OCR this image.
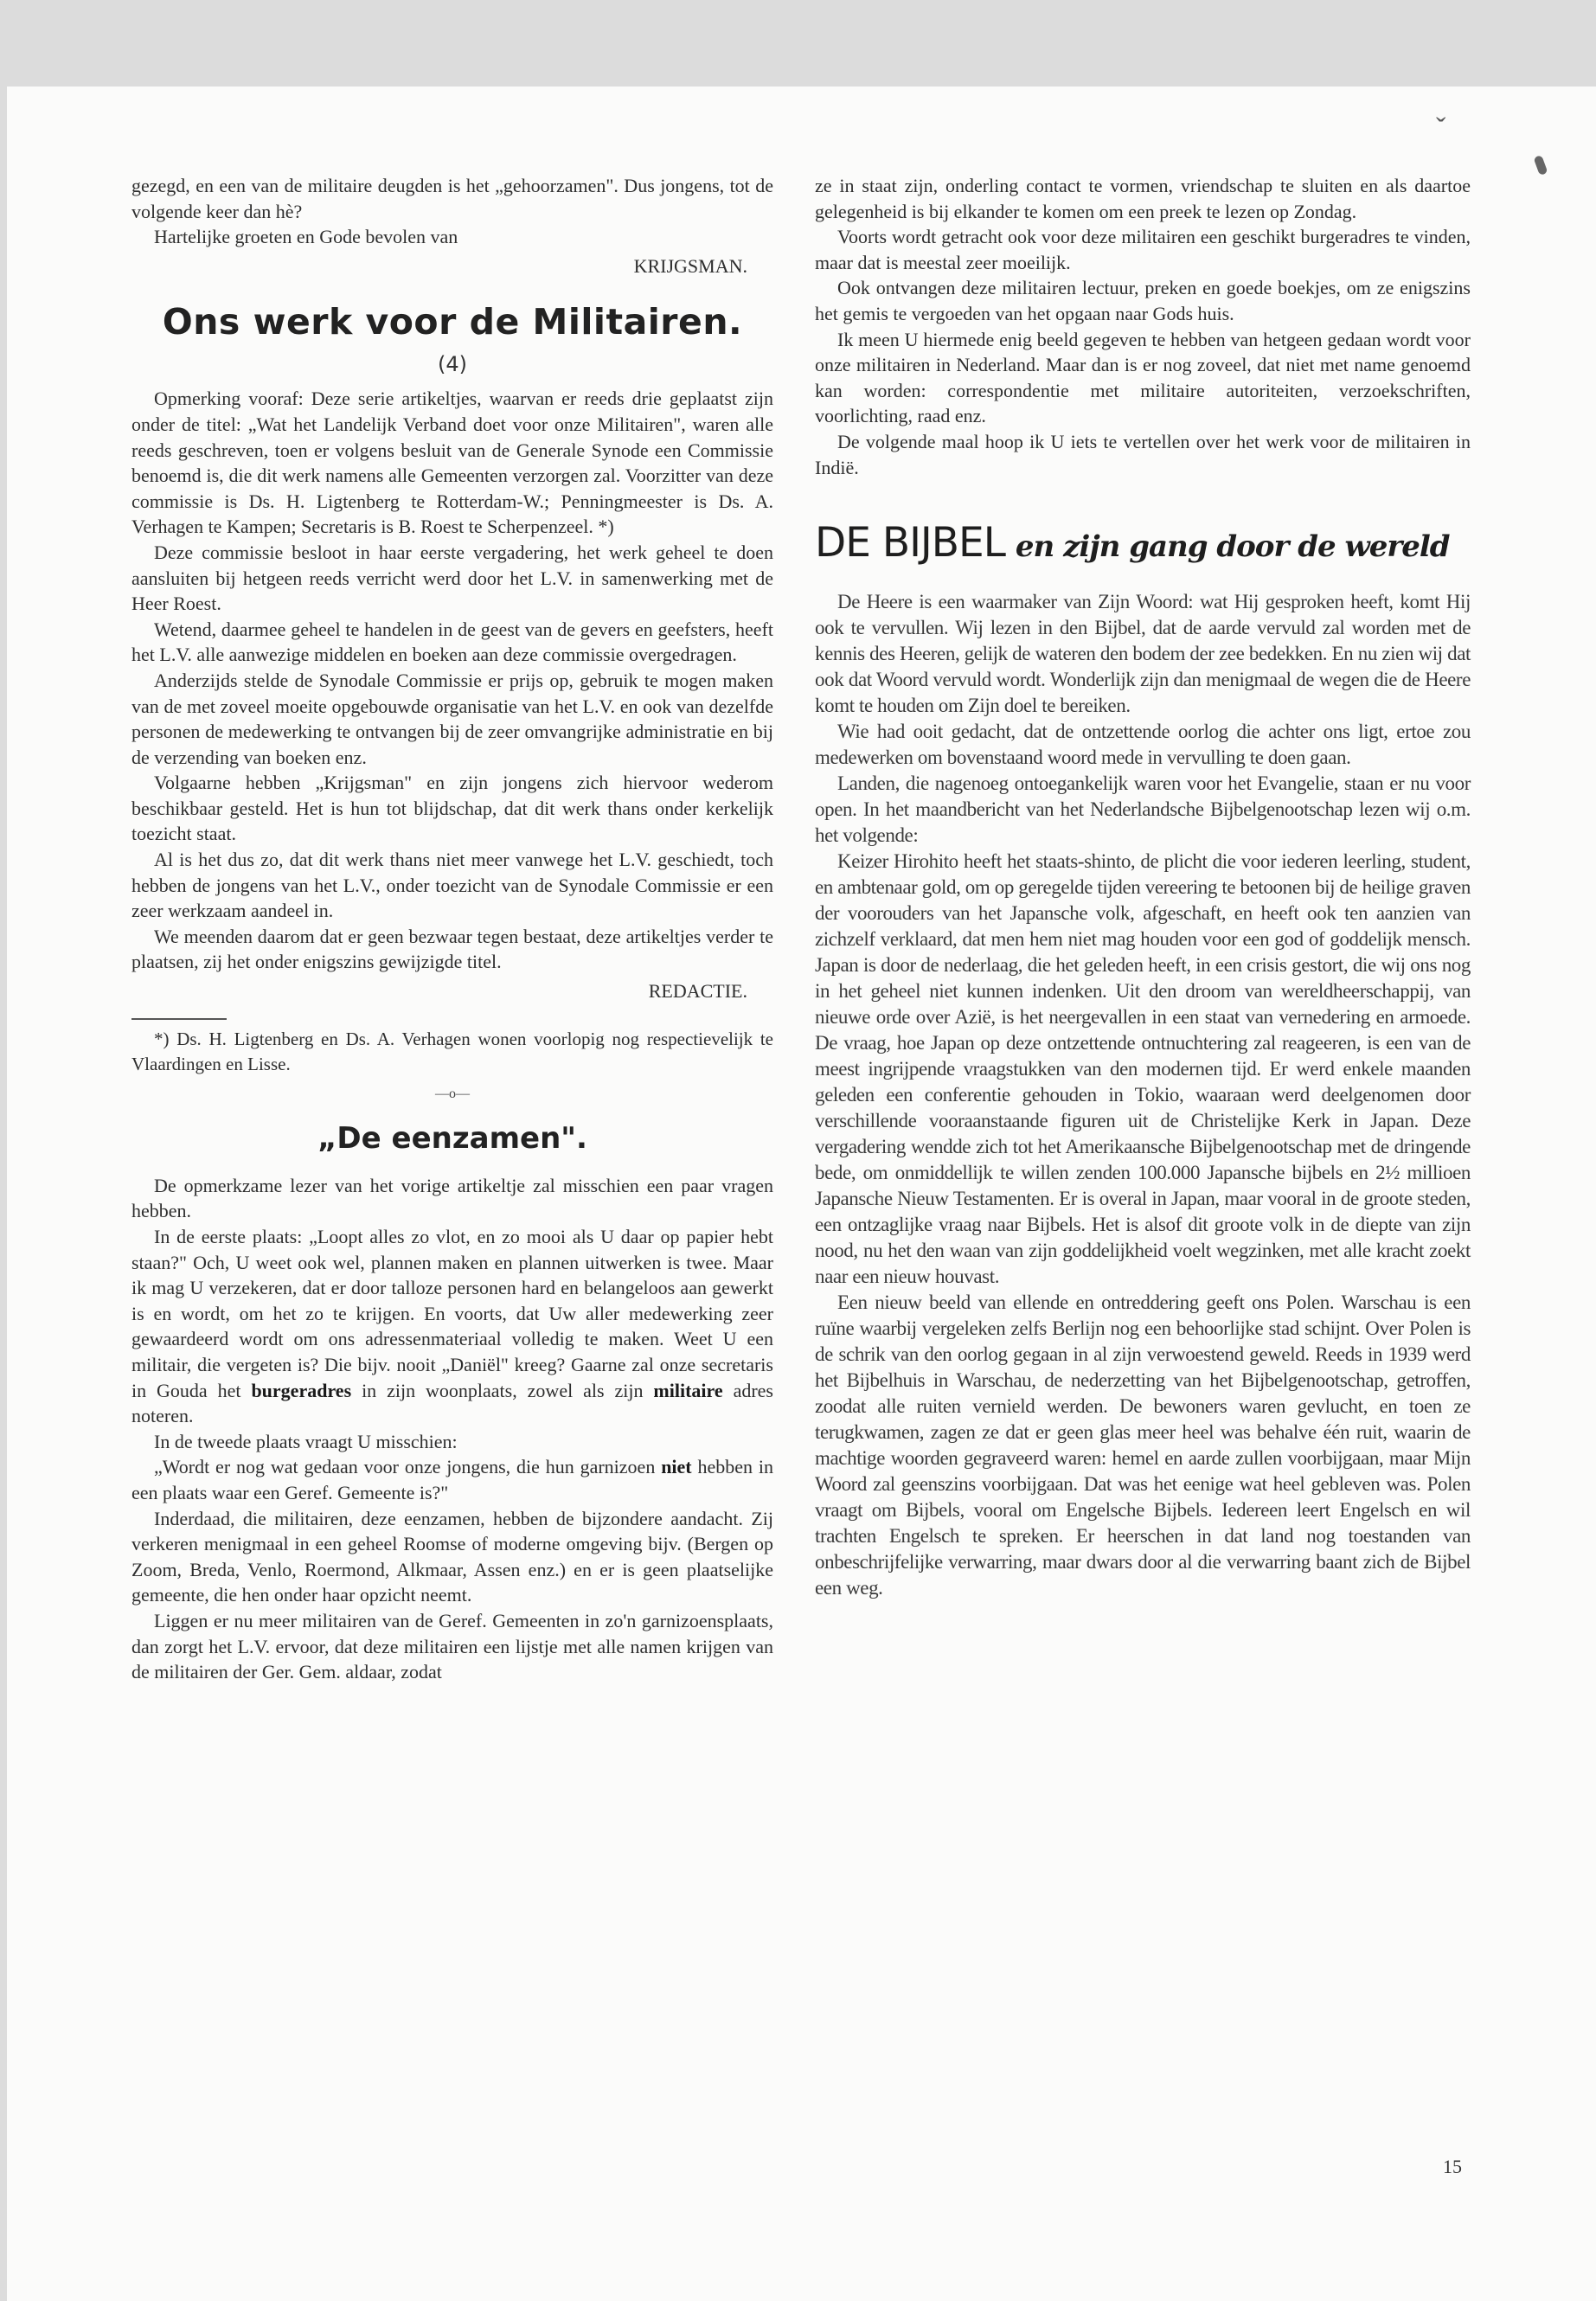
ˇ

gezegd, en een van de militaire deugden is het „gehoorzamen". Dus jongens, tot de volgende keer dan hè?

Hartelijke groeten en Gode bevolen van

KRIJGSMAN.

Ons werk voor de Militairen.
(4)

Opmerking vooraf: Deze serie artikeltjes, waarvan er reeds drie geplaatst zijn onder de titel: „Wat het Landelijk Verband doet voor onze Militairen", waren alle reeds geschreven, toen er volgens besluit van de Generale Synode een Commissie benoemd is, die dit werk namens alle Gemeenten verzorgen zal. Voorzitter van deze commissie is Ds. H. Ligtenberg te Rotterdam-W.; Penningmeester is Ds. A. Verhagen te Kampen; Secretaris is B. Roest te Scherpenzeel. *)

Deze commissie besloot in haar eerste vergadering, het werk geheel te doen aansluiten bij hetgeen reeds verricht werd door het L.V. in samenwerking met de Heer Roest.

Wetend, daarmee geheel te handelen in de geest van de gevers en geefsters, heeft het L.V. alle aanwezige middelen en boeken aan deze commissie overgedragen.

Anderzijds stelde de Synodale Commissie er prijs op, gebruik te mogen maken van de met zoveel moeite opgebouwde organisatie van het L.V. en ook van dezelfde personen de medewerking te ontvangen bij de zeer omvangrijke administratie en bij de verzending van boeken enz.

Volgaarne hebben „Krijgsman" en zijn jongens zich hiervoor wederom beschikbaar gesteld. Het is hun tot blijdschap, dat dit werk thans onder kerkelijk toezicht staat.

Al is het dus zo, dat dit werk thans niet meer vanwege het L.V. geschiedt, toch hebben de jongens van het L.V., onder toezicht van de Synodale Commissie er een zeer werkzaam aandeel in.

We meenden daarom dat er geen bezwaar tegen bestaat, deze artikeltjes verder te plaatsen, zij het onder enigszins gewijzigde titel.

REDACTIE.

*) Ds. H. Ligtenberg en Ds. A. Verhagen wonen voorlopig nog respectievelijk te Vlaardingen en Lisse.

—o—
„De eenzamen".

De opmerkzame lezer van het vorige artikeltje zal misschien een paar vragen hebben.

In de eerste plaats: „Loopt alles zo vlot, en zo mooi als U daar op papier hebt staan?" Och, U weet ook wel, plannen maken en plannen uitwerken is twee. Maar ik mag U verzekeren, dat er door talloze personen hard en belangeloos aan gewerkt is en wordt, om het zo te krijgen. En voorts, dat Uw aller medewerking zeer gewaardeerd wordt om ons adressenmateriaal volledig te maken. Weet U een militair, die vergeten is? Die bijv. nooit „Daniël" kreeg? Gaarne zal onze secretaris in Gouda het

burgeradres in zijn woonplaats, zowel als zijn militaire adres noteren.

In de tweede plaats vraagt U misschien:

„Wordt er nog wat gedaan voor onze jongens, die hun garnizoen niet hebben in een plaats waar een Geref. Gemeente is?"

Inderdaad, die militairen, deze eenzamen, hebben de bijzondere aandacht. Zij verkeren menigmaal in een geheel Roomse of moderne omgeving bijv. (Bergen op Zoom, Breda, Venlo, Roermond, Alkmaar, Assen enz.) en er is geen plaatselijke gemeente, die hen onder haar opzicht neemt.

Liggen er nu meer militairen van de Geref. Gemeenten in zo'n garnizoensplaats, dan zorgt het L.V. ervoor, dat deze militairen een lijstje met alle namen krijgen van de militairen der Ger. Gem. aldaar, zodat

ze in staat zijn, onderling contact te vormen, vriendschap te sluiten en als daartoe gelegenheid is bij elkander te komen om een preek te lezen op Zondag.

Voorts wordt getracht ook voor deze militairen een geschikt burgeradres te vinden, maar dat is meestal zeer moeilijk.

Ook ontvangen deze militairen lectuur, preken en goede boekjes, om ze enigszins het gemis te vergoeden van het opgaan naar Gods huis.

Ik meen U hiermede enig beeld gegeven te hebben van hetgeen gedaan wordt voor onze militairen in Nederland. Maar dan is er nog zoveel, dat niet met name genoemd kan worden: correspondentie met militaire autoriteiten, verzoekschriften, voorlichting, raad enz.

De volgende maal hoop ik U iets te vertellen over het werk voor de militairen in Indië.

DE BIJBEL en zijn gang door de wereld

De Heere is een waarmaker van Zijn Woord: wat Hij gesproken heeft, komt Hij ook te vervullen. Wij lezen in den Bijbel, dat de aarde vervuld zal worden met de kennis des Heeren, gelijk de wateren den bodem der zee bedekken. En nu zien wij dat ook dat Woord vervuld wordt. Wonderlijk zijn dan menigmaal de wegen die de Heere komt te houden om Zijn doel te bereiken.

Wie had ooit gedacht, dat de ontzettende oorlog die achter ons ligt, ertoe zou medewerken om bovenstaand woord mede in vervulling te doen gaan.

Landen, die nagenoeg ontoegankelijk waren voor het Evangelie, staan er nu voor open. In het maandbericht van het Nederlandsche Bijbelgenootschap lezen wij o.m. het volgende:

Keizer Hirohito heeft het staats-shinto, de plicht die voor iederen leerling, student, en ambtenaar gold, om op geregelde tijden vereering te betoonen bij de heilige graven der voorouders van het Japansche volk, afgeschaft, en heeft ook ten aanzien van zichzelf verklaard, dat men hem niet mag houden voor een god of goddelijk mensch. Japan is door de nederlaag, die het geleden heeft, in een crisis gestort, die wij ons nog in het geheel niet kunnen indenken. Uit den droom van wereldheerschappij, van nieuwe orde over Azië, is het neergevallen in een staat van vernedering en armoede. De vraag, hoe Japan op deze ontzettende ontnuchtering zal reageeren, is een van de meest ingrijpende vraagstukken van den modernen tijd. Er werd enkele maanden geleden een conferentie gehouden in Tokio, waaraan werd deelgenomen door verschillende vooraanstaande figuren uit de Christelijke Kerk in Japan. Deze vergadering wendde zich tot het Amerikaansche Bijbelgenootschap met de dringende bede, om onmiddellijk te willen zenden 100.000 Japansche bijbels en 2½ millioen Japansche Nieuw Testamenten. Er is overal in Japan, maar vooral in de groote steden, een ontzaglijke vraag naar Bijbels. Het is alsof dit groote volk in de diepte van zijn nood, nu het den waan van zijn goddelijkheid voelt wegzinken, met alle kracht zoekt naar een nieuw houvast.

Een nieuw beeld van ellende en ontreddering geeft ons Polen. Warschau is een ruïne waarbij vergeleken zelfs Berlijn nog een behoorlijke stad schijnt. Over Polen is de schrik van den oorlog gegaan in al zijn verwoestend geweld. Reeds in 1939 werd het Bijbelhuis in Warschau, de nederzetting van het Bijbelgenootschap, getroffen, zoodat alle ruiten vernield werden. De bewoners waren gevlucht, en toen ze terugkwamen, zagen ze dat er geen glas meer heel was behalve één ruit, waarin de machtige woorden gegraveerd waren: hemel en aarde zullen voorbijgaan, maar Mijn Woord zal geenszins voorbijgaan. Dat was het eenige wat heel gebleven was. Polen vraagt om Bijbels, vooral om Engelsche Bijbels. Iedereen leert Engelsch en wil trachten Engelsch te spreken. Er heerschen in dat land nog toestanden van onbeschrijfelijke verwarring, maar dwars door al die verwarring baant zich de Bijbel een weg.

15
